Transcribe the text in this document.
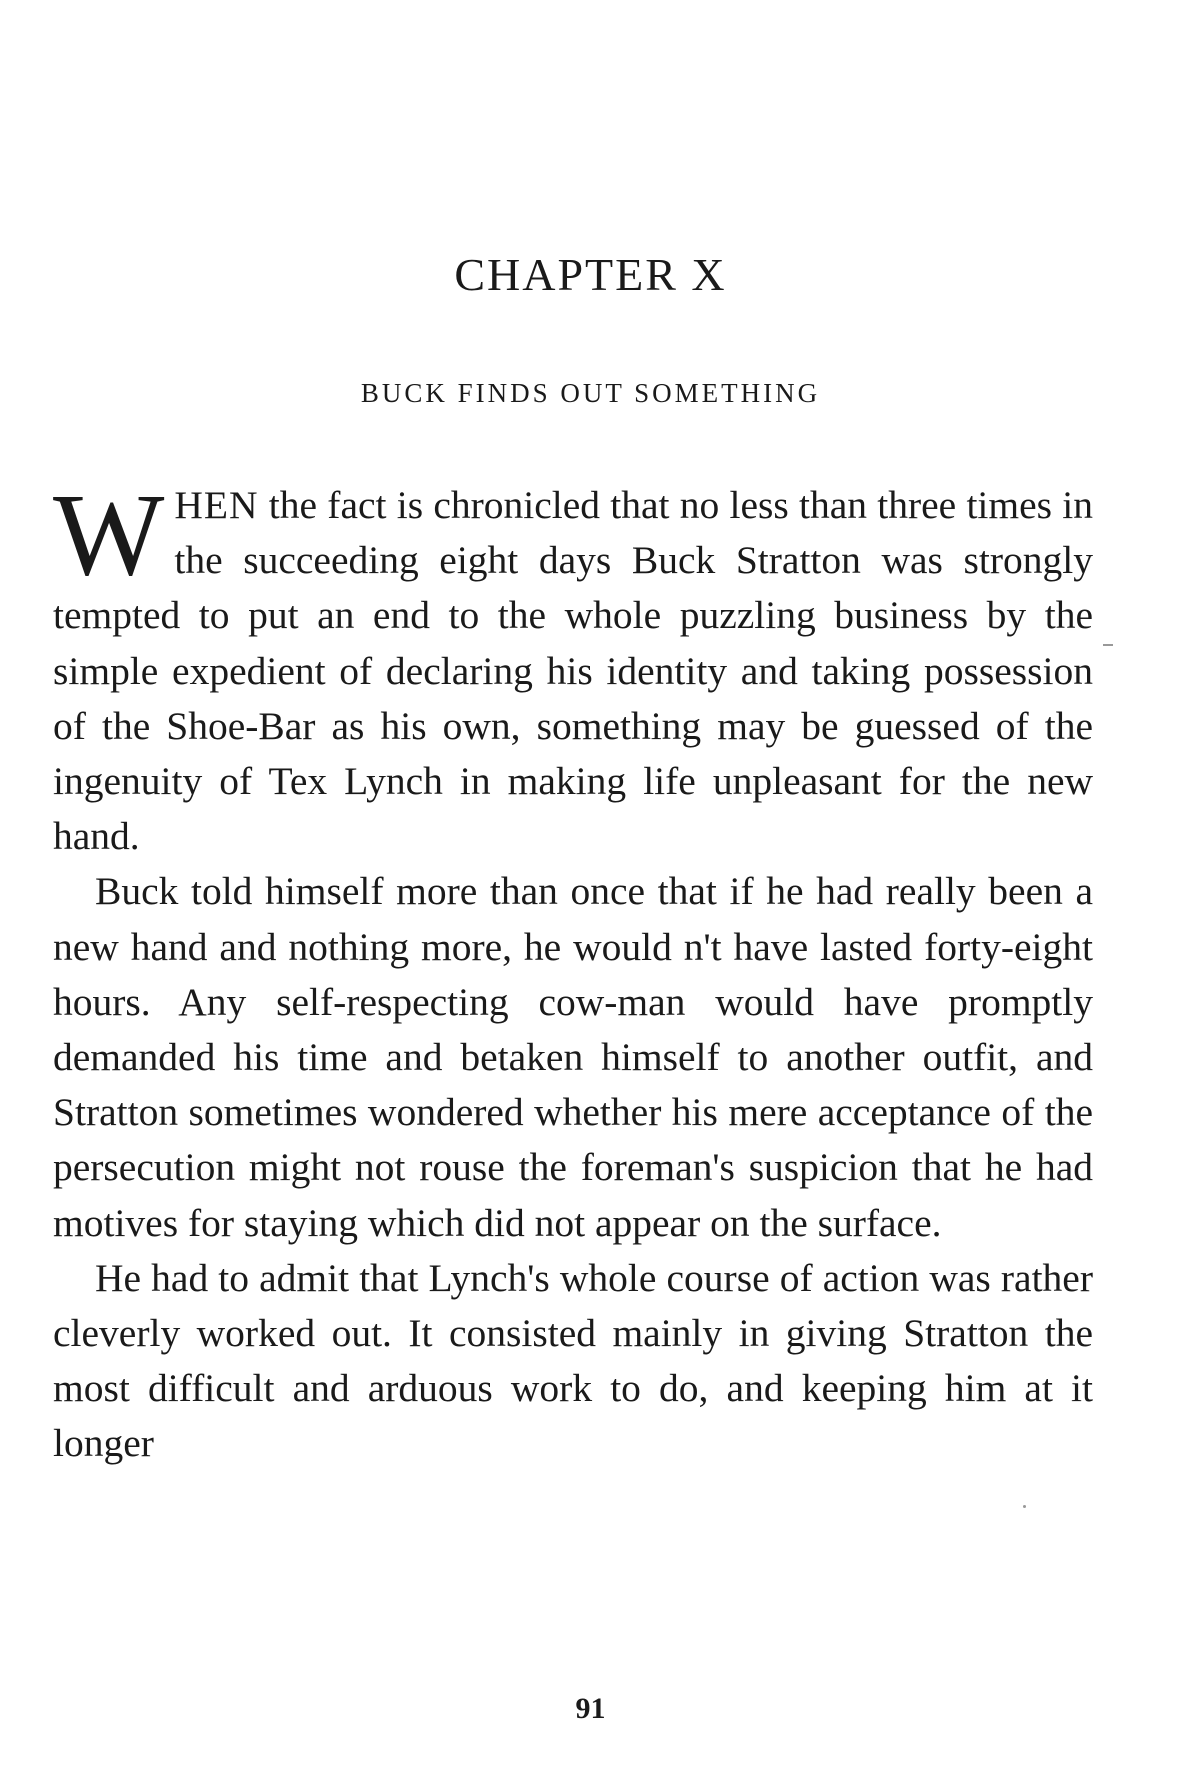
CHAPTER X
BUCK FINDS OUT SOMETHING

WHEN the fact is chronicled that no less than three times in the succeeding eight days Buck Stratton was strongly tempted to put an end to the whole puzzling business by the simple expedient of declaring his identity and taking possession of the Shoe-Bar as his own, something may be guessed of the ingenuity of Tex Lynch in making life unpleasant for the new hand.

Buck told himself more than once that if he had really been a new hand and nothing more, he would n't have lasted forty-eight hours. Any self-respecting cow-man would have promptly demanded his time and betaken himself to another outfit, and Stratton sometimes wondered whether his mere acceptance of the persecution might not rouse the foreman's suspicion that he had motives for staying which did not appear on the surface.

He had to admit that Lynch's whole course of action was rather cleverly worked out. It consisted mainly in giving Stratton the most difficult and arduous work to do, and keeping him at it longer

91
